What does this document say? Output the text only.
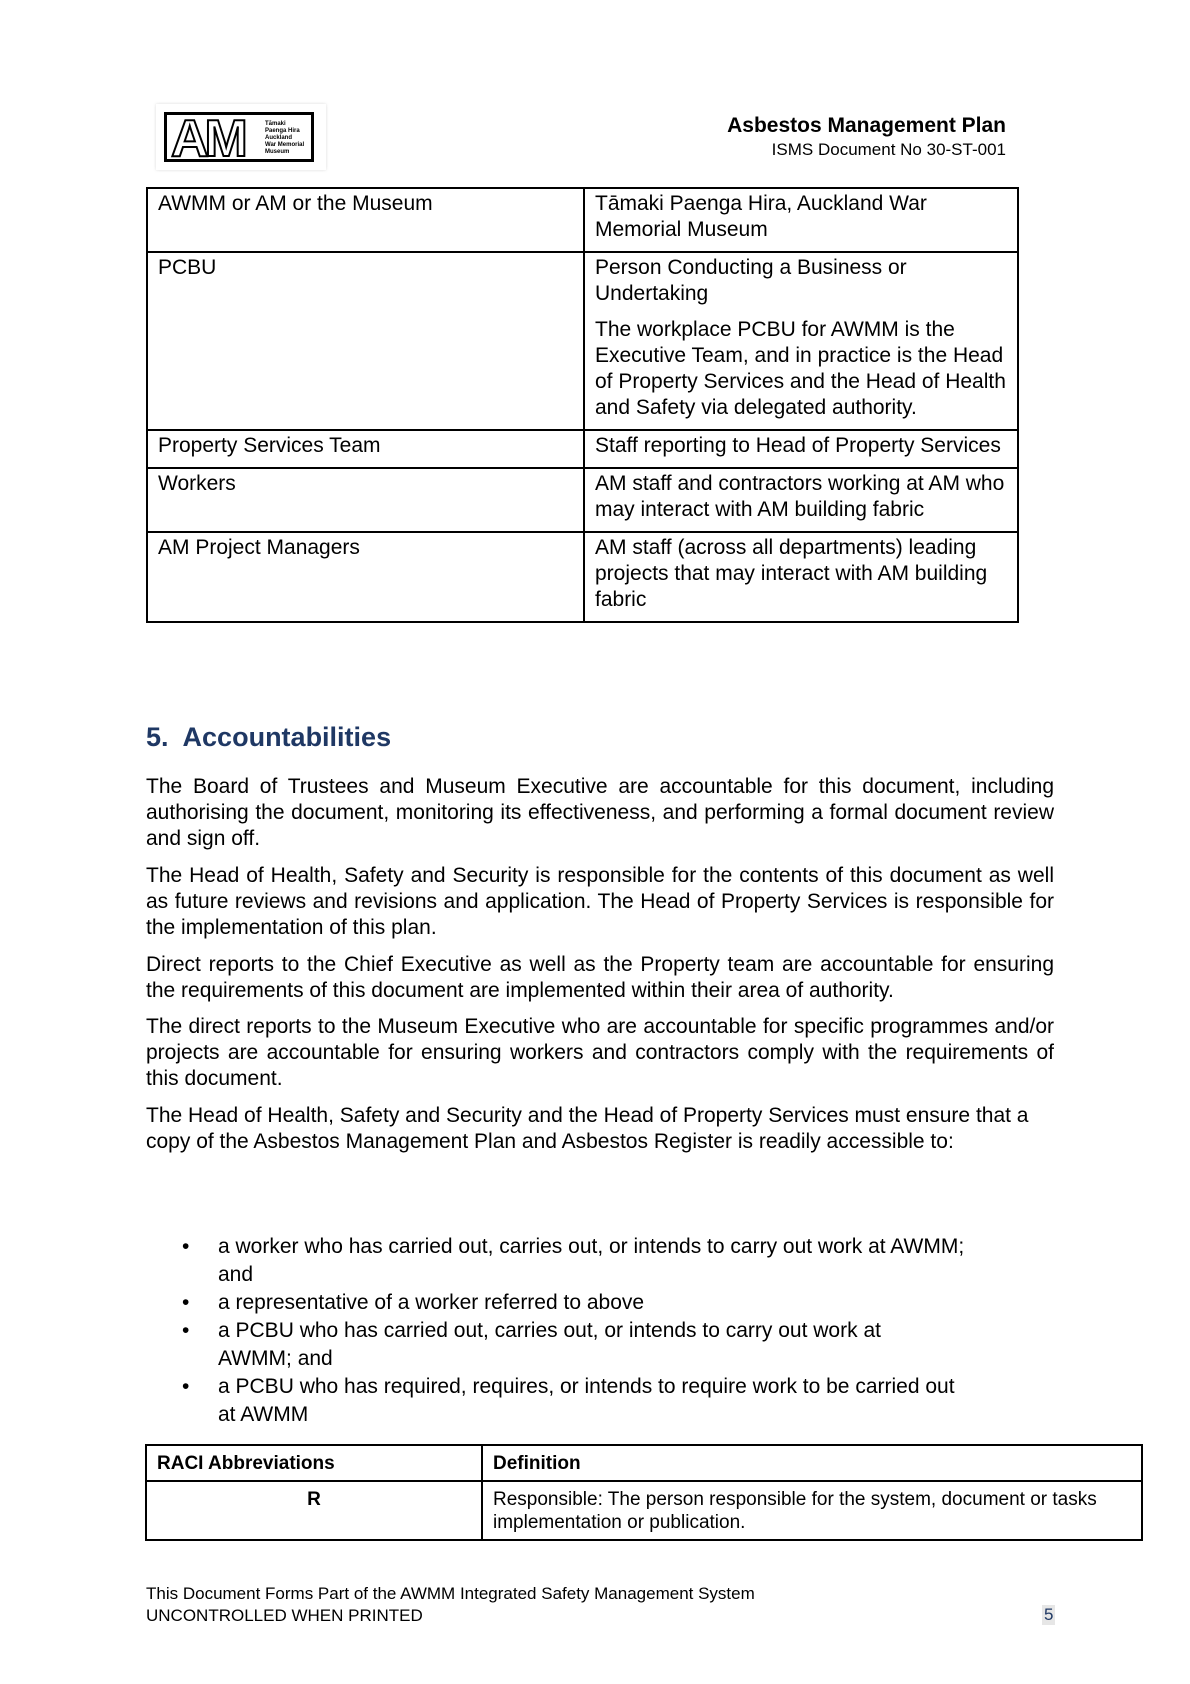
AM	Tāmaki
Paenga Hira
Auckland
War Memorial
Museum
Asbestos Management Plan
ISMS Document No 30-ST-001
AWMM or AM or the Museum	Tāmaki Paenga Hira, Auckland War Memorial Museum

PCBU	Person Conducting a Business or Undertaking

The workplace PCBU for AWMM is the Executive Team, and in practice is the Head of Property Services and the Head of Health and Safety via delegated authority.

Property Services Team	Staff reporting to Head of Property Services

Workers	AM staff and contractors working at AM who may interact with AM building fabric

AM Project Managers	AM staff (across all departments) leading projects that may interact with AM building fabric

5. Accountabilities
The Board of Trustees and Museum Executive are accountable for this document, including authorising the document, monitoring its effectiveness, and performing a formal document review and sign off.
The Head of Health, Safety and Security is responsible for the contents of this document as well as future reviews and revisions and application. The Head of Property Services is responsible for the implementation of this plan.
Direct reports to the Chief Executive as well as the Property team are accountable for ensuring the requirements of this document are implemented within their area of authority.
The direct reports to the Museum Executive who are accountable for specific programmes and/or projects are accountable for ensuring workers and contractors comply with the requirements of this document.
The Head of Health, Safety and Security and the Head of Property Services must ensure that a copy of the Asbestos Management Plan and Asbestos Register is readily accessible to:
• a worker who has carried out, carries out, or intends to carry out work at AWMM; and
• a representative of a worker referred to above
• a PCBU who has carried out, carries out, or intends to carry out work at AWMM; and
• a PCBU who has required, requires, or intends to require work to be carried out at AWMM
RACI Abbreviations	Definition
R	Responsible: The person responsible for the system, document or tasks implementation or publication.
This Document Forms Part of the AWMM Integrated Safety Management System
UNCONTROLLED WHEN PRINTED	5
